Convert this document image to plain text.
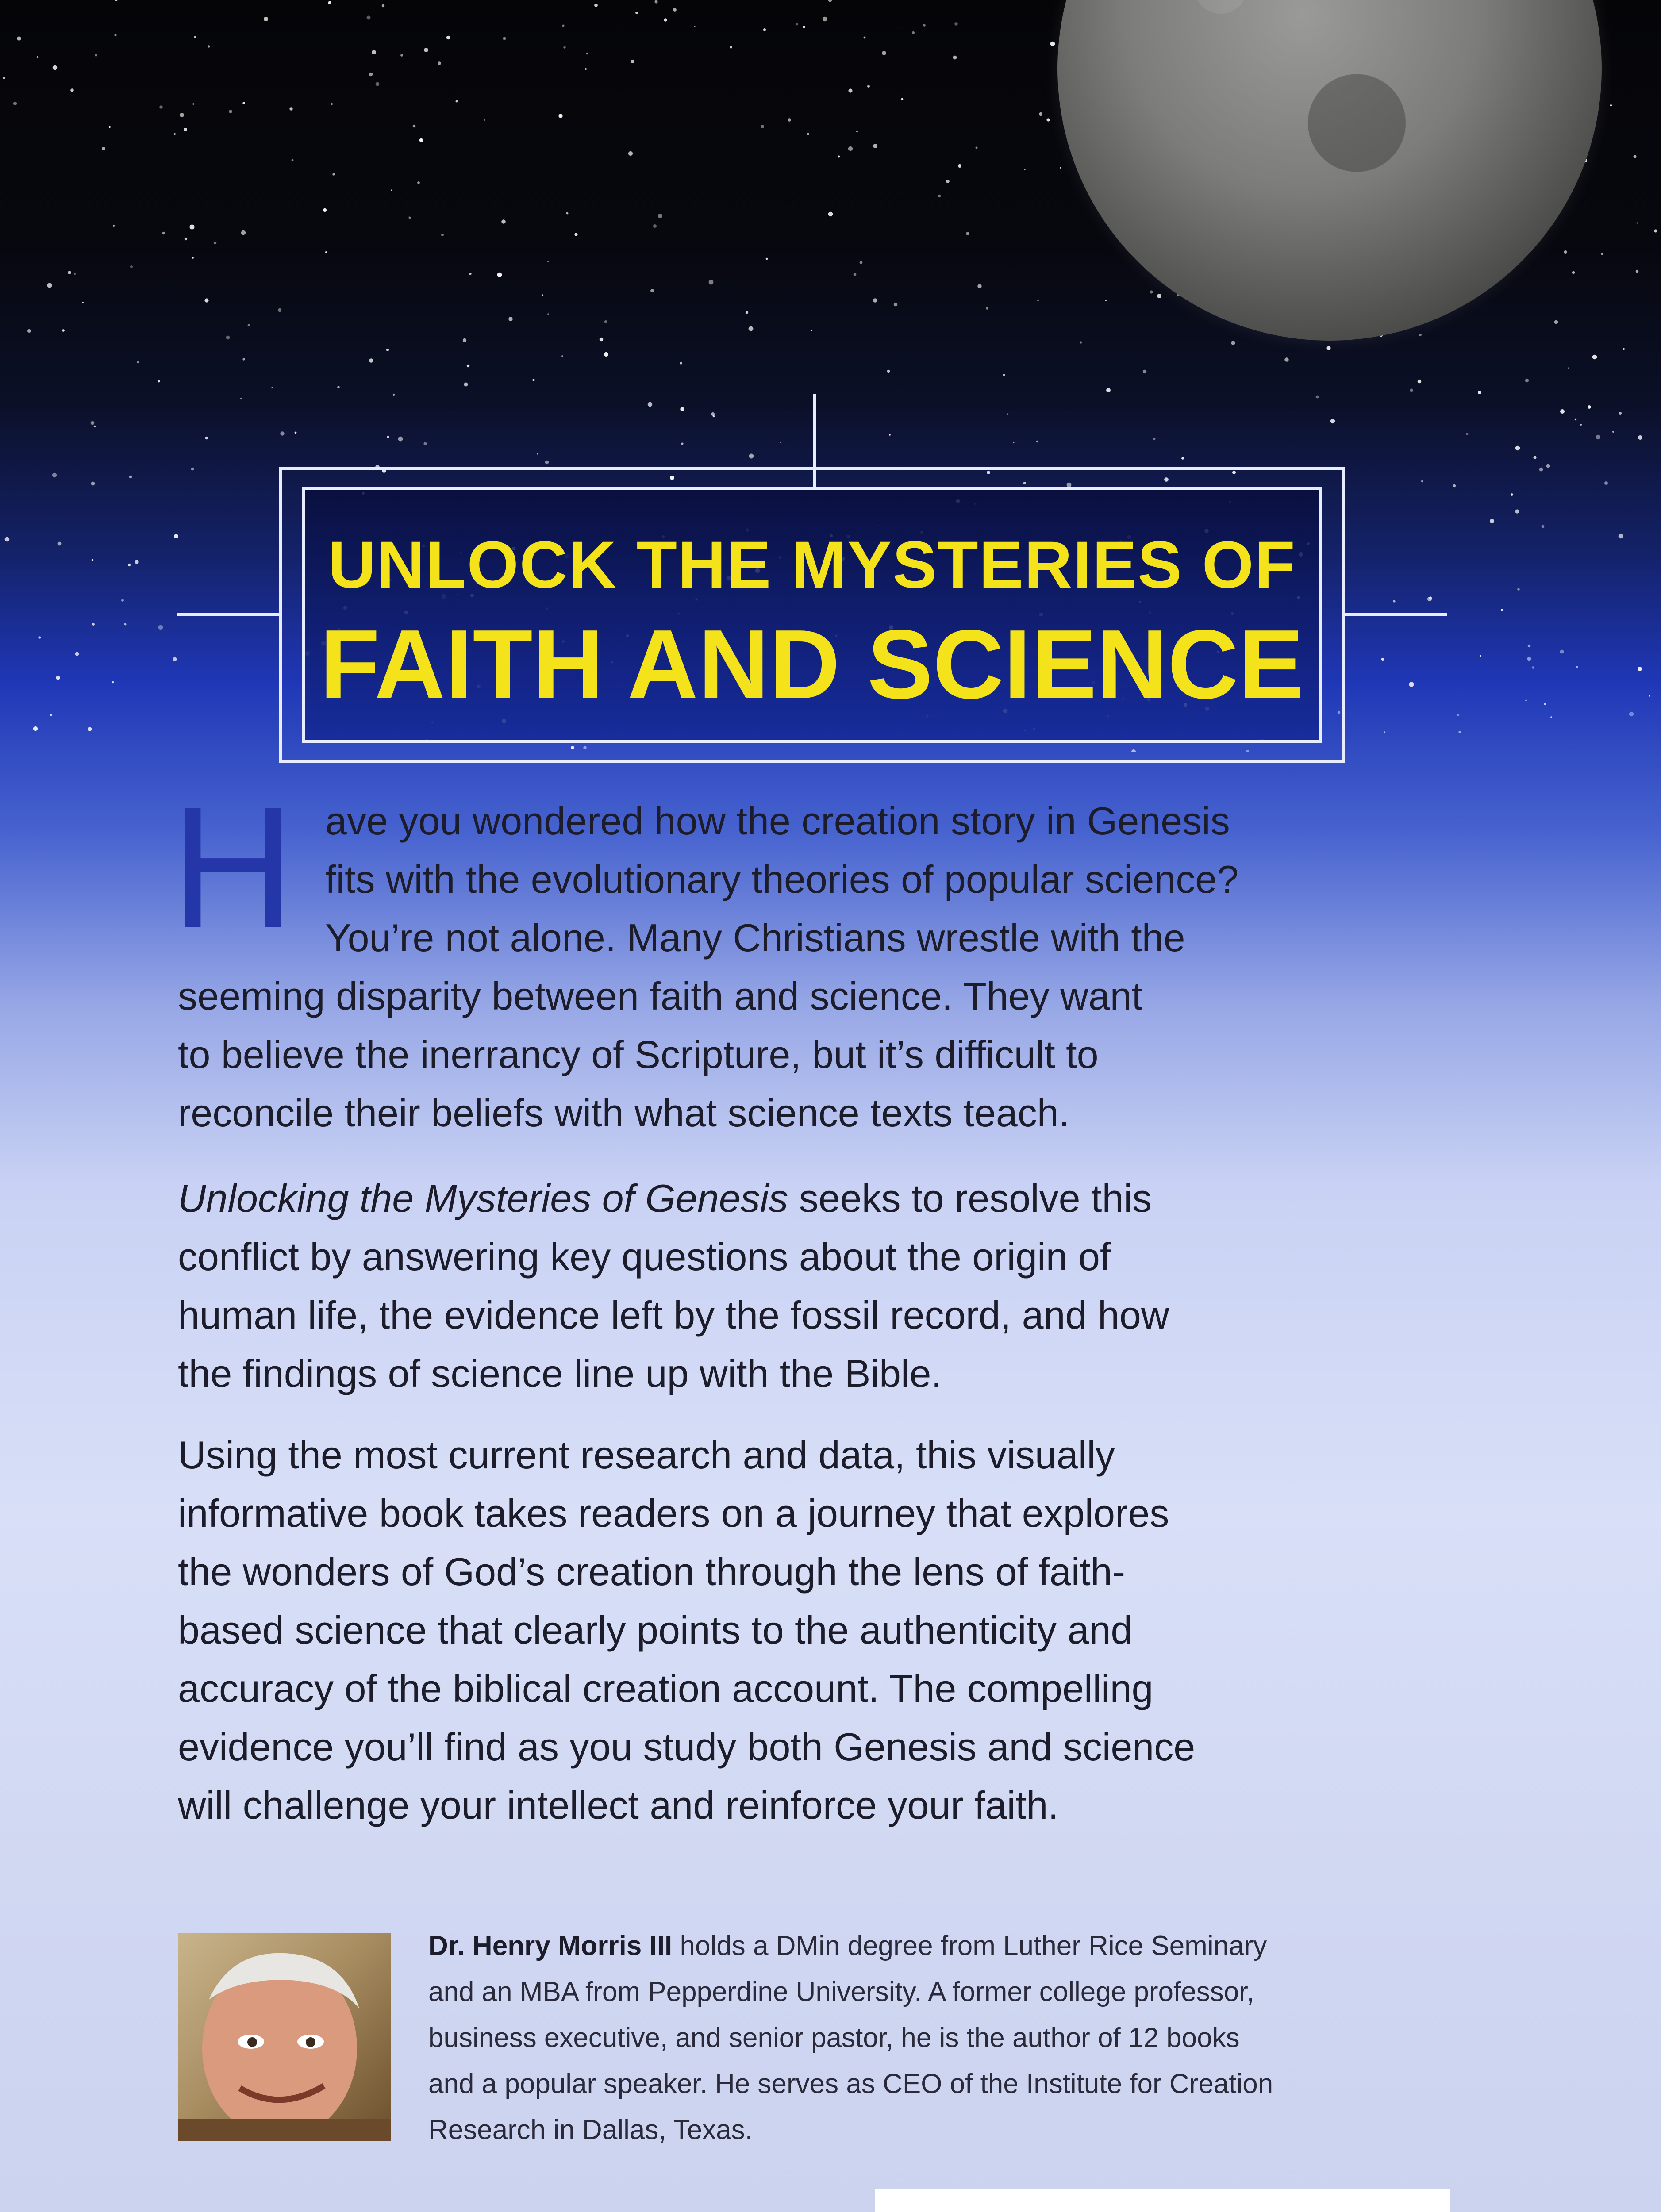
UNLOCK THE MYSTERIES OF
FAITH AND SCIENCE
H ave you wondered how the creation story in Genesis
fits with the evolutionary theories of popular science?
You’re not alone. Many Christians wrestle with the
seeming disparity between faith and science. They want
to believe the inerrancy of Scripture, but it’s difficult to
reconcile their beliefs with what science texts teach.
Unlocking the Mysteries of Genesis seeks to resolve this
conflict by answering key questions about the origin of
human life, the evidence left by the fossil record, and how
the findings of science line up with the Bible.
Using the most current research and data, this visually
informative book takes readers on a journey that explores
the wonders of God’s creation through the lens of faith-
based science that clearly points to the authenticity and
accuracy of the biblical creation account. The compelling
evidence you’ll find as you study both Genesis and science
will challenge your intellect and reinforce your faith.
Dr. Henry Morris III holds a DMin degree from Luther Rice Seminary
and an MBA from Pepperdine University. A former college professor,
business executive, and senior pastor, he is the author of 12 books
and a popular speaker. He serves as CEO of the Institute for Creation
Research in Dallas, Texas.
